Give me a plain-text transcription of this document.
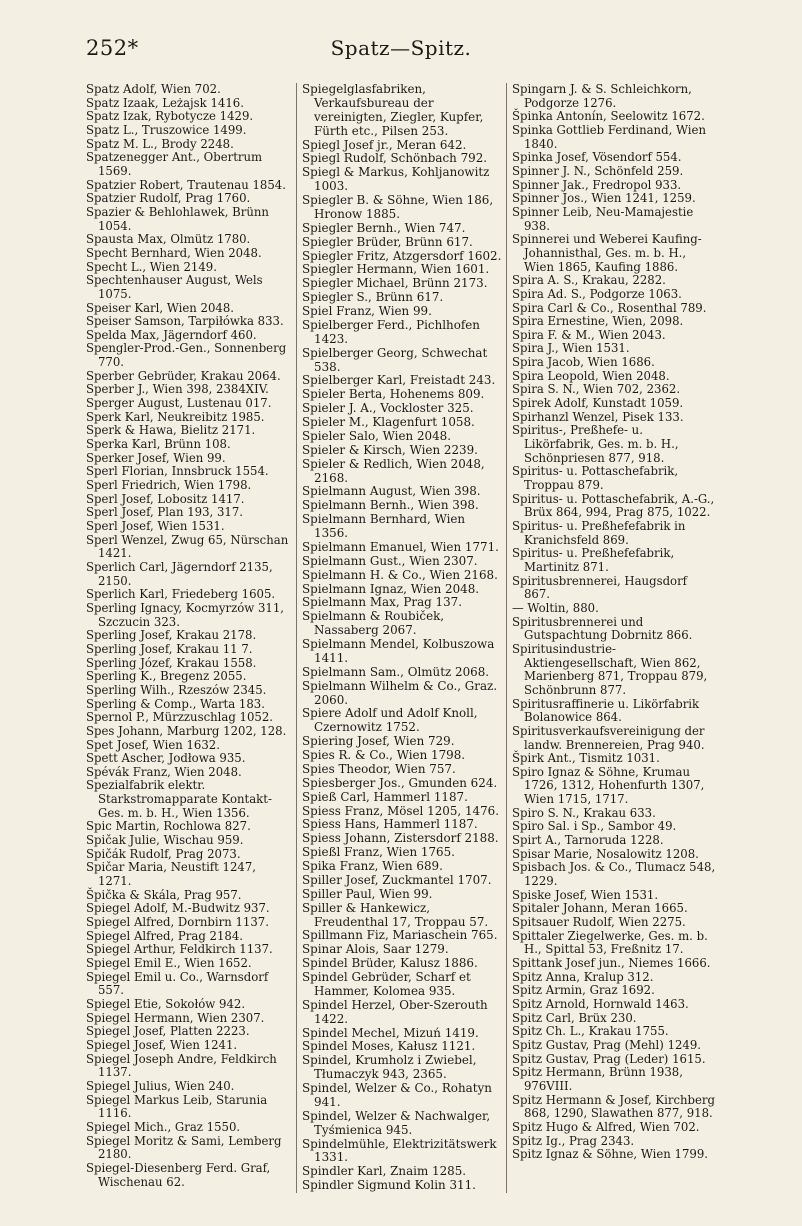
252*	Spatz—Spitz.
Spatz Adolf, Wien 702.
Spatz Izaak, Leżajsk 1416.
Spatz Izak, Rybotycze 1429.
Spatz L., Truszowice 1499.
Spatz M. L., Brody 2248.
Spatzenegger Ant., Obertrum 1569.
Spatzier Robert, Trautenau 1854.
Spatzier Rudolf, Prag 1760.
Spazier & Behlohlawek, Brünn 1054.
Spausta Max, Olmütz 1780.
Specht Bernhard, Wien 2048.
Specht L., Wien 2149.
Spechtenhauser August, Wels 1075.
Speiser Karl, Wien 2048.
Speiser Samson, Tarpiłówka 833.
Spelda Max, Jägerndorf 460.
Spengler-Prod.-Gen., Sonnenberg 770.
Sperber Gebrüder, Krakau 2064.
Sperber J., Wien 398, 2384XIV.
Sperger August, Lustenau 017.
Sperk Karl, Neukreibitz 1985.
Sperk & Hawa, Bielitz 2171.
Sperka Karl, Brünn 108.
Sperker Josef, Wien 99.
Sperl Florian, Innsbruck 1554.
Sperl Friedrich, Wien 1798.
Sperl Josef, Lobositz 1417.
Sperl Josef, Plan 193, 317.
Sperl Josef, Wien 1531.
Sperl Wenzel, Zwug 65, Nürschan 1421.
Sperlich Carl, Jägerndorf 2135, 2150.
Sperlich Karl, Friedeberg 1605.
Sperling Ignacy, Kocmyrzów 311, Szczucin 323.
Sperling Josef, Krakau 2178.
Sperling Josef, Krakau 11 7.
Sperling Józef, Krakau 1558.
Sperling K., Bregenz 2055.
Sperling Wilh., Rzeszów 2345.
Sperling & Comp., Warta 183.
Spernol P., Mürzzuschlag 1052.
Spes Johann, Marburg 1202, 128.
Spet Josef, Wien 1632.
Spett Ascher, Jodłowa 935.
Spévák Franz, Wien 2048.
Spezialfabrik elektr. Starkstromapparate Kontakt-Ges. m. b. H., Wien 1356.
Spic Martin, Rochlowa 827.
Spičak Julie, Wischau 959.
Spičák Rudolf, Prag 2073.
Spičar Maria, Neustift 1247, 1271.
Špička & Skála, Prag 957.
Spiegel Adolf, M.-Budwitz 937.
Spiegel Alfred, Dornbirn 1137.
Spiegel Alfred, Prag 2184.
Spiegel Arthur, Feldkirch 1137.
Spiegel Emil E., Wien 1652.
Spiegel Emil u. Co., Warnsdorf 557.
Spiegel Etie, Sokołów 942.
Spiegel Hermann, Wien 2307.
Spiegel Josef, Platten 2223.
Spiegel Josef, Wien 1241.
Spiegel Joseph Andre, Feldkirch 1137.
Spiegel Julius, Wien 240.
Spiegel Markus Leib, Starunia 1116.
Spiegel Mich., Graz 1550.
Spiegel Moritz & Sami, Lemberg 2180.
Spiegel-Diesenberg Ferd. Graf, Wischenau 62.
Spiegelglasfabriken, Verkaufsbureau der vereinigten, Ziegler, Kupfer, Fürth etc., Pilsen 253.
Spiegl Josef jr., Meran 642.
Spiegl Rudolf, Schönbach 792.
Spiegl & Markus, Kohljanowitz 1003.
Spiegler B. & Söhne, Wien 186, Hronow 1885.
Spiegler Bernh., Wien 747.
Spiegler Brüder, Brünn 617.
Spiegler Fritz, Atzgersdorf 1602.
Spiegler Hermann, Wien 1601.
Spiegler Michael, Brünn 2173.
Spiegler S., Brünn 617.
Spiel Franz, Wien 99.
Spielberger Ferd., Pichlhofen 1423.
Spielberger Georg, Schwechat 538.
Spielberger Karl, Freistadt 243.
Spieler Berta, Hohenems 809.
Spieler J. A., Vockloster 325.
Spieler M., Klagenfurt 1058.
Spieler Salo, Wien 2048.
Spieler & Kirsch, Wien 2239.
Spieler & Redlich, Wien 2048, 2168.
Spielmann August, Wien 398.
Spielmann Bernh., Wien 398.
Spielmann Bernhard, Wien 1356.
Spielmann Emanuel, Wien 1771.
Spielmann Gust., Wien 2307.
Spielmann H. & Co., Wien 2168.
Spielmann Ignaz, Wien 2048.
Spielmann Max, Prag 137.
Spielmann & Roubiček, Nassaberg 2067.
Spielmann Mendel, Kolbuszowa 1411.
Spielmann Sam., Olmütz 2068.
Spielmann Wilhelm & Co., Graz. 2060.
Spiere Adolf und Adolf Knoll, Czernowitz 1752.
Spiering Josef, Wien 729.
Spies R. & Co., Wien 1798.
Spies Theodor, Wien 757.
Spiesberger Jos., Gmunden 624.
Spieß Carl, Hammerl 1187.
Spiess Franz, Mösel 1205, 1476.
Spiess Hans, Hammerl 1187.
Spiess Johann, Zistersdorf 2188.
Spießl Franz, Wien 1765.
Spika Franz, Wien 689.
Spiller Josef, Zuckmantel 1707.
Spiller Paul, Wien 99.
Spiller & Hankewicz, Freudenthal 17, Troppau 57.
Spillmann Fiz, Mariaschein 765.
Spinar Alois, Saar 1279.
Spindel Brüder, Kalusz 1886.
Spindel Gebrüder, Scharf et Hammer, Kolomea 935.
Spindel Herzel, Ober-Szerouth 1422.
Spindel Mechel, Mizuń 1419.
Spindel Moses, Kałusz 1121.
Spindel, Krumholz i Zwiebel, Tłumaczyk 943, 2365.
Spindel, Welzer & Co., Rohatyn 941.
Spindel, Welzer & Nachwalger, Tyśmienica 945.
Spindelmühle, Elektrizitätswerk 1331.
Spindler Karl, Znaim 1285.
Spindler Sigmund Kolin 311.
Spingarn J. & S. Schleichkorn, Podgorze 1276.
Špinka Antonín, Seelowitz 1672.
Spinka Gottlieb Ferdinand, Wien 1840.
Spinka Josef, Vösendorf 554.
Spinner J. N., Schönfeld 259.
Spinner Jak., Fredropol 933.
Spinner Jos., Wien 1241, 1259.
Spinner Leib, Neu-Mamajestie 938.
Spinnerei und Weberei Kaufing-Johannisthal, Ges. m. b. H., Wien 1865, Kaufing 1886.
Spira A. S., Krakau, 2282.
Spira Ad. S., Podgorze 1063.
Spira Carl & Co., Rosenthal 789.
Spira Ernestine, Wien, 2098.
Spira F. & M., Wien 2043.
Spira J., Wien 1531.
Spira Jacob, Wien 1686.
Spira Leopold, Wien 2048.
Spira S. N., Wien 702, 2362.
Spirek Adolf, Kunstadt 1059.
Spirhanzl Wenzel, Pisek 133.
Spiritus-, Preßhefe- u. Likörfabrik, Ges. m. b. H., Schönpriesen 877, 918.
Spiritus- u. Pottaschefabrik, Troppau 879.
Spiritus- u. Pottaschefabrik, A.-G., Brüx 864, 994, Prag 875, 1022.
Spiritus- u. Preßhefefabrik in Kranichsfeld 869.
Spiritus- u. Preßhefefabrik, Martinitz 871.
Spiritusbrennerei, Haugsdorf 867.
— Woltin, 880.
Spiritusbrennerei und Gutspachtung Dobrnitz 866.
Spiritusindustrie-Aktiengesellschaft, Wien 862, Marienberg 871, Troppau 879, Schönbrunn 877.
Spiritusraffinerie u. Likörfabrik Bolanowice 864.
Spiritusverkaufsvereinigung der landw. Brennereien, Prag 940.
Špirk Ant., Tismitz 1031.
Spiro Ignaz & Söhne, Krumau 1726, 1312, Hohenfurth 1307, Wien 1715, 1717.
Spiro S. N., Krakau 633.
Spiro Sal. i Sp., Sambor 49.
Spirt A., Tarnoruda 1228.
Spisar Marie, Nosalowitz 1208.
Spisbach Jos. & Co., Tlumacz 548, 1229.
Spiske Josef, Wien 1531.
Spitaler Johann, Meran 1665.
Spitsauer Rudolf, Wien 2275.
Spittaler Ziegelwerke, Ges. m. b. H., Spittal 53, Freßnitz 17.
Spittank Josef jun., Niemes 1666.
Spitz Anna, Kralup 312.
Spitz Armin, Graz 1692.
Spitz Arnold, Hornwald 1463.
Spitz Carl, Brüx 230.
Spitz Ch. L., Krakau 1755.
Spitz Gustav, Prag (Mehl) 1249.
Spitz Gustav, Prag (Leder) 1615.
Spitz Hermann, Brünn 1938, 976VIII.
Spitz Hermann & Josef, Kirchberg 868, 1290, Slawathen 877, 918.
Spitz Hugo & Alfred, Wien 702.
Spitz Ig., Prag 2343.
Spitz Ignaz & Söhne, Wien 1799.
